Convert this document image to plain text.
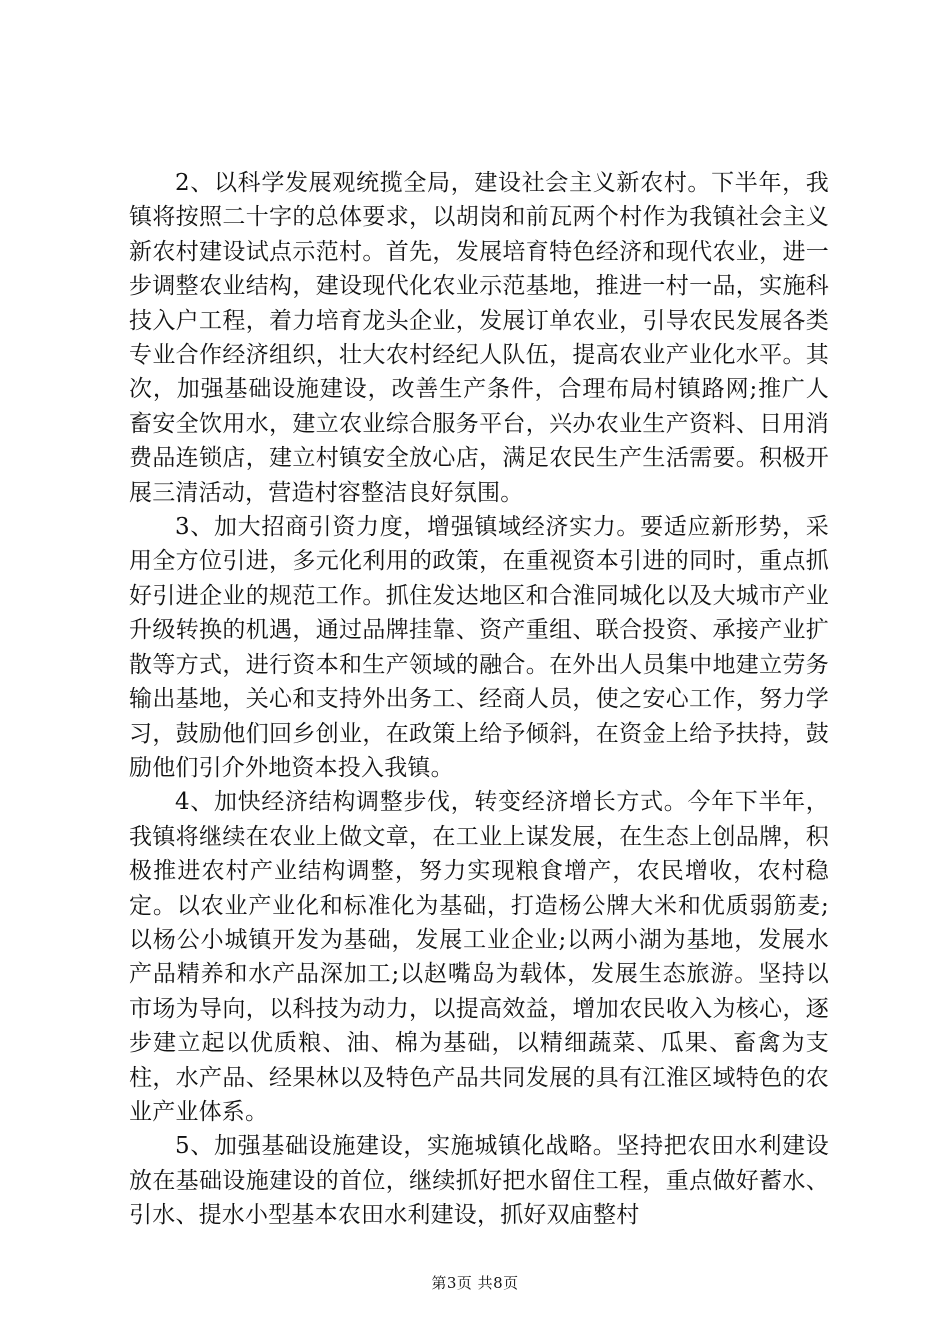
2、以科学发展观统揽全局，建设社会主义新农村。下半年，我镇将按照二十字的总体要求，以胡岗和前瓦两个村作为我镇社会主义新农村建设试点示范村。首先，发展培育特色经济和现代农业，进一步调整农业结构，建设现代化农业示范基地，推进一村一品，实施科技入户工程，着力培育龙头企业，发展订单农业，引导农民发展各类专业合作经济组织，壮大农村经纪人队伍，提高农业产业化水平。其次，加强基础设施建设，改善生产条件，合理布局村镇路网;推广人畜安全饮用水，建立农业综合服务平台，兴办农业生产资料、日用消费品连锁店，建立村镇安全放心店，满足农民生产生活需要。积极开展三清活动，营造村容整洁良好氛围。

3、加大招商引资力度，增强镇域经济实力。要适应新形势，采用全方位引进，多元化利用的政策，在重视资本引进的同时，重点抓好引进企业的规范工作。抓住发达地区和合淮同城化以及大城市产业升级转换的机遇，通过品牌挂靠、资产重组、联合投资、承接产业扩散等方式，进行资本和生产领域的融合。在外出人员集中地建立劳务输出基地，关心和支持外出务工、经商人员，使之安心工作，努力学习，鼓励他们回乡创业，在政策上给予倾斜，在资金上给予扶持，鼓励他们引介外地资本投入我镇。

4、加快经济结构调整步伐，转变经济增长方式。今年下半年，我镇将继续在农业上做文章，在工业上谋发展，在生态上创品牌，积极推进农村产业结构调整，努力实现粮食增产，农民增收，农村稳定。以农业产业化和标准化为基础，打造杨公牌大米和优质弱筋麦;以杨公小城镇开发为基础，发展工业企业;以两小湖为基地，发展水产品精养和水产品深加工;以赵嘴岛为载体，发展生态旅游。坚持以市场为导向，以科技为动力，以提高效益，增加农民收入为核心，逐步建立起以优质粮、油、棉为基础，以精细蔬菜、瓜果、畜禽为支柱，水产品、经果林以及特色产品共同发展的具有江淮区域特色的农业产业体系。

5、加强基础设施建设，实施城镇化战略。坚持把农田水利建设放在基础设施建设的首位，继续抓好把水留住工程，重点做好蓄水、引水、提水小型基本农田水利建设，抓好双庙整村

第3页 共8页
